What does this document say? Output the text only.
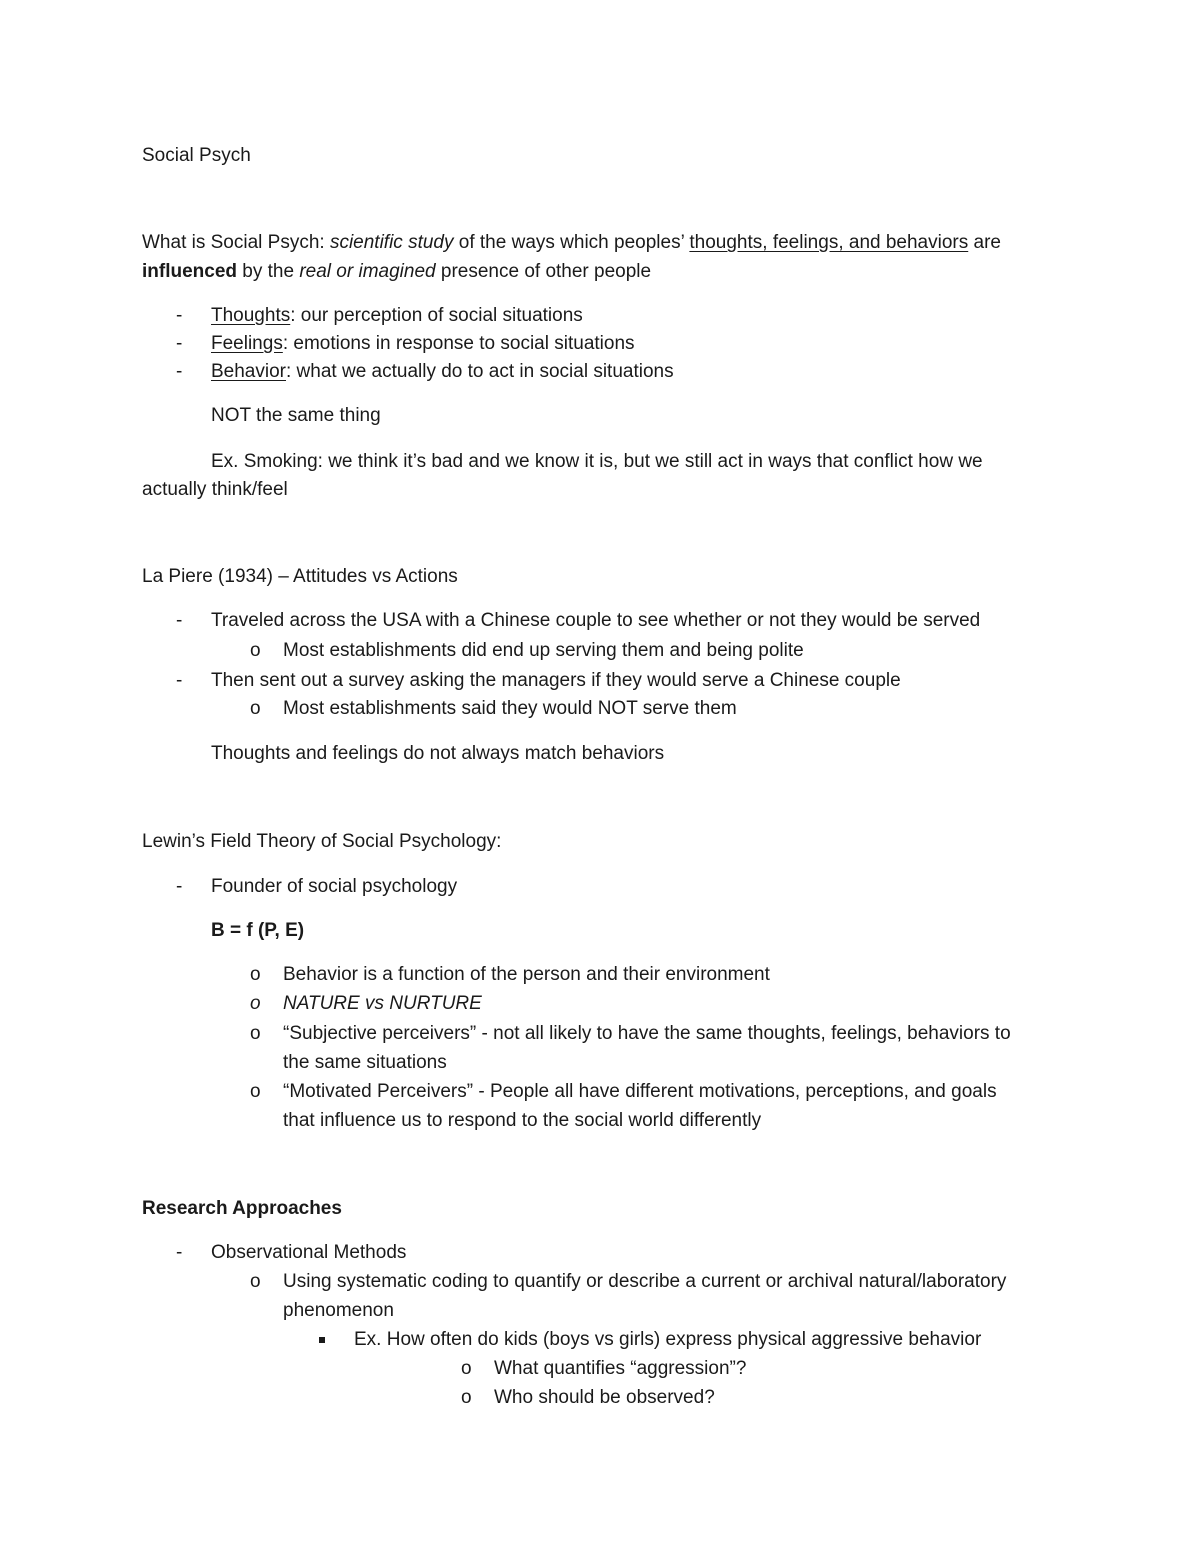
Social Psych
What is Social Psych: scientific study of the ways which peoples’ thoughts, feelings, and behaviors are
influenced by the real or imagined presence of other people
- Thoughts: our perception of social situations
- Feelings: emotions in response to social situations
- Behavior: what we actually do to act in social situations
NOT the same thing
Ex. Smoking: we think it’s bad and we know it is, but we still act in ways that conflict how we
actually think/feel
La Piere (1934) – Attitudes vs Actions
- Traveled across the USA with a Chinese couple to see whether or not they would be served
o Most establishments did end up serving them and being polite
- Then sent out a survey asking the managers if they would serve a Chinese couple
o Most establishments said they would NOT serve them
Thoughts and feelings do not always match behaviors
Lewin’s Field Theory of Social Psychology:
- Founder of social psychology
B = f (P, E)
o Behavior is a function of the person and their environment
o NATURE vs NURTURE
o “Subjective perceivers” - not all likely to have the same thoughts, feelings, behaviors to
the same situations
o “Motivated Perceivers” - People all have different motivations, perceptions, and goals
that influence us to respond to the social world differently
Research Approaches
- Observational Methods
o Using systematic coding to quantify or describe a current or archival natural/laboratory
phenomenon
Ex. How often do kids (boys vs girls) express physical aggressive behavior
o What quantifies “aggression”?
o Who should be observed?
